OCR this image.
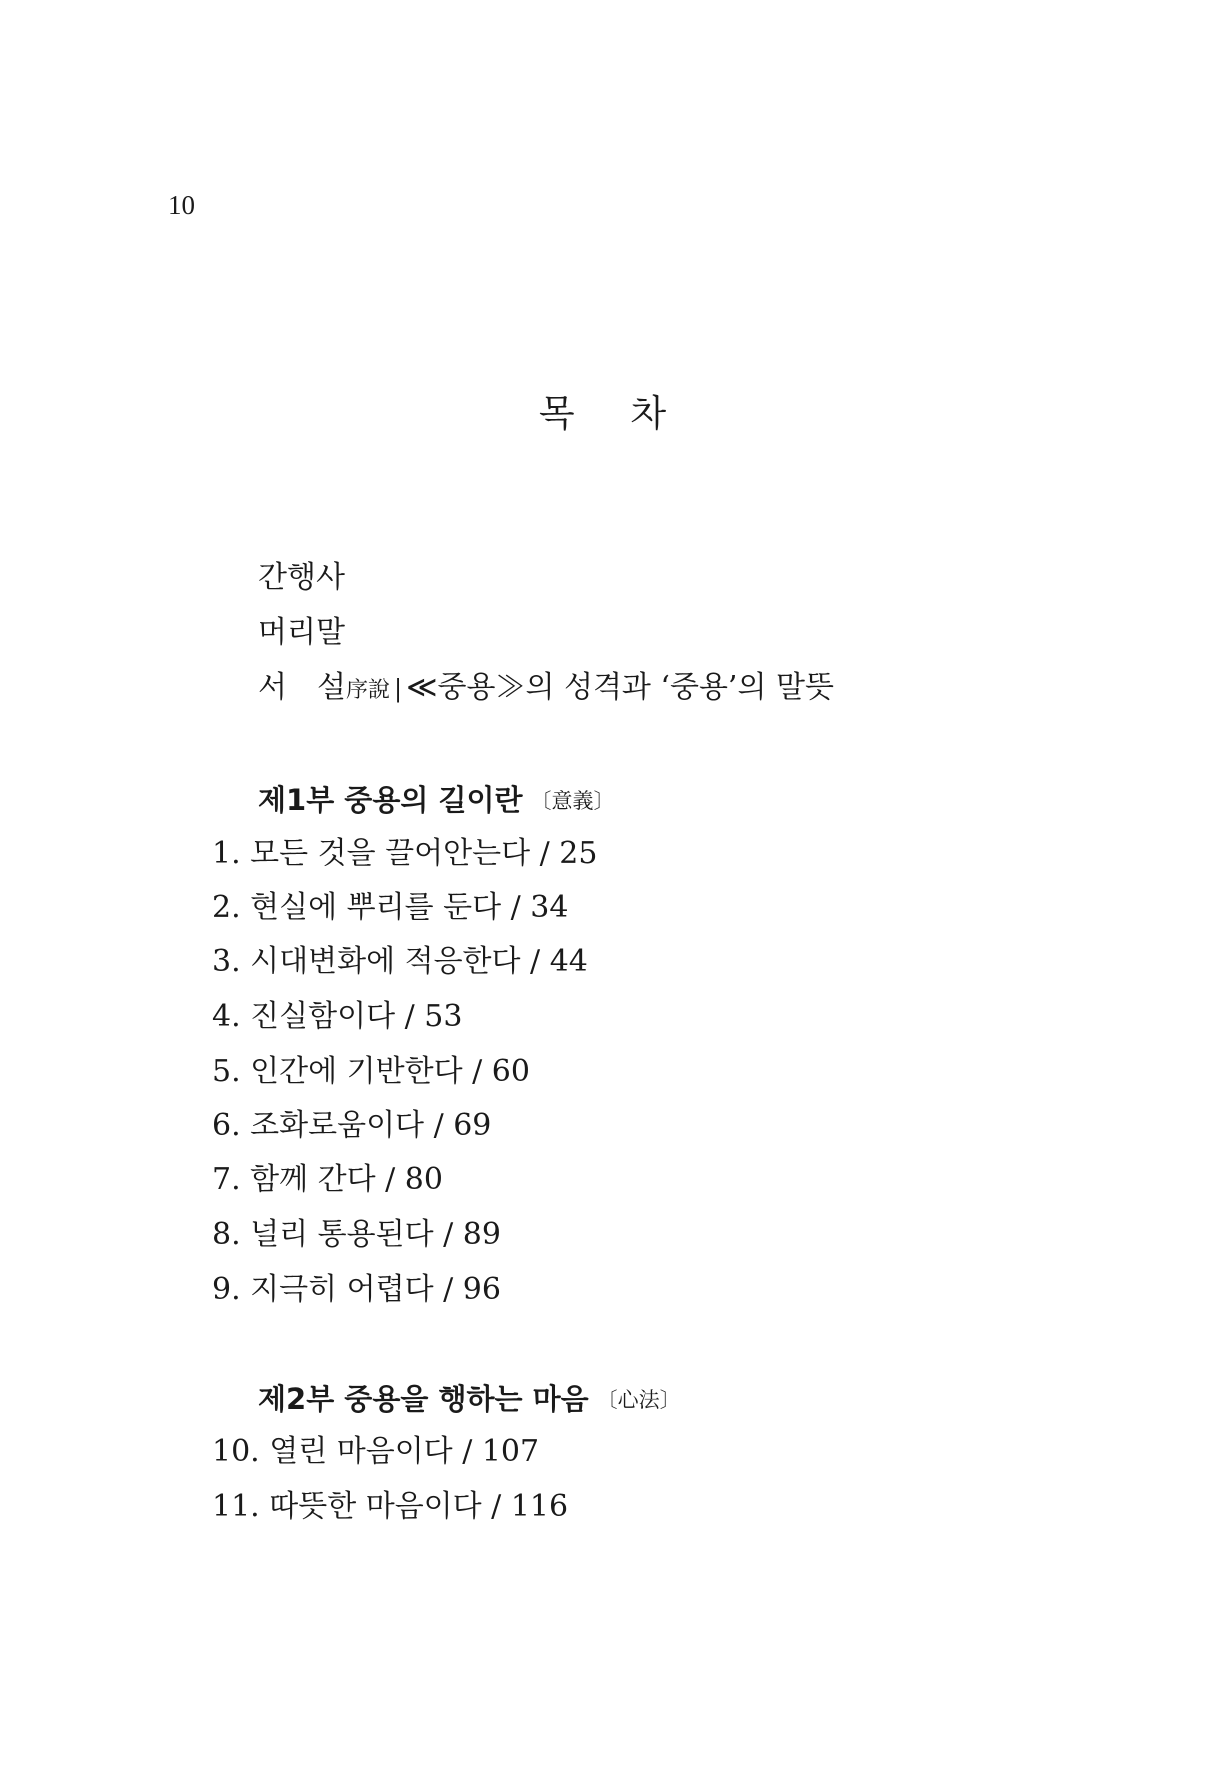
10
목 차
간행사
머리말
서 설序說 | ≪중용≫의 성격과 ‘중용’의 말뜻
제1부 중용의 길이란 〔意義〕
1. 모든 것을 끌어안는다 / 25
2. 현실에 뿌리를 둔다 / 34
3. 시대변화에 적응한다 / 44
4. 진실함이다 / 53
5. 인간에 기반한다 / 60
6. 조화로움이다 / 69
7. 함께 간다 / 80
8. 널리 통용된다 / 89
9. 지극히 어렵다 / 96
제2부 중용을 행하는 마음 〔心法〕
10. 열린 마음이다 / 107
11. 따뜻한 마음이다 / 116
